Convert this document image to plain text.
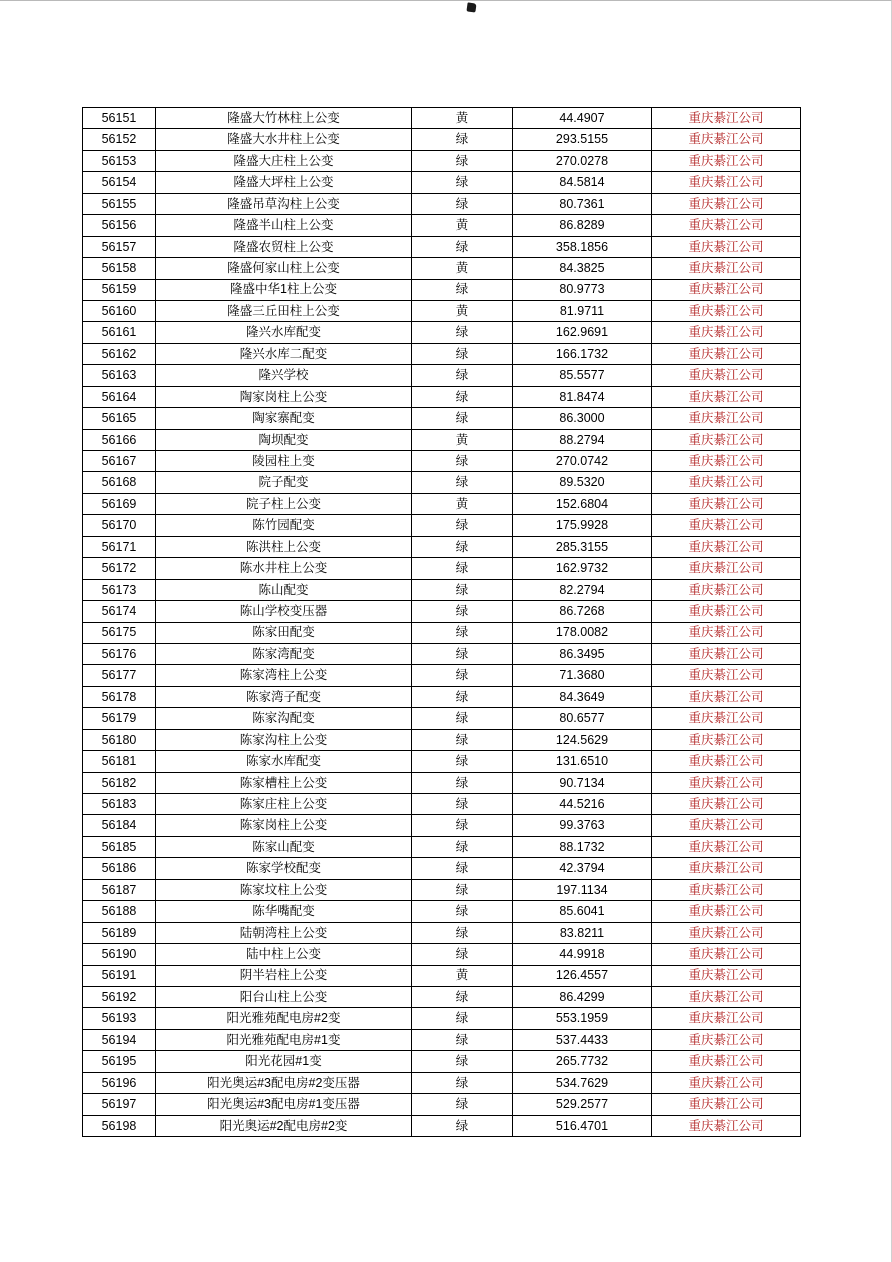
56151	隆盛大竹林柱上公变	黄	44.4907	重庆綦江公司
56152	隆盛大水井柱上公变	绿	293.5155	重庆綦江公司
56153	隆盛大庄柱上公变	绿	270.0278	重庆綦江公司
56154	隆盛大坪柱上公变	绿	84.5814	重庆綦江公司
56155	隆盛吊草沟柱上公变	绿	80.7361	重庆綦江公司
56156	隆盛半山柱上公变	黄	86.8289	重庆綦江公司
56157	隆盛农贸柱上公变	绿	358.1856	重庆綦江公司
56158	隆盛何家山柱上公变	黄	84.3825	重庆綦江公司
56159	隆盛中华1柱上公变	绿	80.9773	重庆綦江公司
56160	隆盛三丘田柱上公变	黄	81.9711	重庆綦江公司
56161	隆兴水库配变	绿	162.9691	重庆綦江公司
56162	隆兴水库二配变	绿	166.1732	重庆綦江公司
56163	隆兴学校	绿	85.5577	重庆綦江公司
56164	陶家岗柱上公变	绿	81.8474	重庆綦江公司
56165	陶家寨配变	绿	86.3000	重庆綦江公司
56166	陶坝配变	黄	88.2794	重庆綦江公司
56167	陵园柱上变	绿	270.0742	重庆綦江公司
56168	院子配变	绿	89.5320	重庆綦江公司
56169	院子柱上公变	黄	152.6804	重庆綦江公司
56170	陈竹园配变	绿	175.9928	重庆綦江公司
56171	陈洪柱上公变	绿	285.3155	重庆綦江公司
56172	陈水井柱上公变	绿	162.9732	重庆綦江公司
56173	陈山配变	绿	82.2794	重庆綦江公司
56174	陈山学校变压器	绿	86.7268	重庆綦江公司
56175	陈家田配变	绿	178.0082	重庆綦江公司
56176	陈家湾配变	绿	86.3495	重庆綦江公司
56177	陈家湾柱上公变	绿	71.3680	重庆綦江公司
56178	陈家湾子配变	绿	84.3649	重庆綦江公司
56179	陈家沟配变	绿	80.6577	重庆綦江公司
56180	陈家沟柱上公变	绿	124.5629	重庆綦江公司
56181	陈家水库配变	绿	131.6510	重庆綦江公司
56182	陈家槽柱上公变	绿	90.7134	重庆綦江公司
56183	陈家庄柱上公变	绿	44.5216	重庆綦江公司
56184	陈家岗柱上公变	绿	99.3763	重庆綦江公司
56185	陈家山配变	绿	88.1732	重庆綦江公司
56186	陈家学校配变	绿	42.3794	重庆綦江公司
56187	陈家坟柱上公变	绿	197.1134	重庆綦江公司
56188	陈华嘴配变	绿	85.6041	重庆綦江公司
56189	陆朝湾柱上公变	绿	83.8211	重庆綦江公司
56190	陆中柱上公变	绿	44.9918	重庆綦江公司
56191	阴半岩柱上公变	黄	126.4557	重庆綦江公司
56192	阳台山柱上公变	绿	86.4299	重庆綦江公司
56193	阳光雅苑配电房#2变	绿	553.1959	重庆綦江公司
56194	阳光雅苑配电房#1变	绿	537.4433	重庆綦江公司
56195	阳光花园#1变	绿	265.7732	重庆綦江公司
56196	阳光奥运#3配电房#2变压器	绿	534.7629	重庆綦江公司
56197	阳光奥运#3配电房#1变压器	绿	529.2577	重庆綦江公司
56198	阳光奥运#2配电房#2变	绿	516.4701	重庆綦江公司
